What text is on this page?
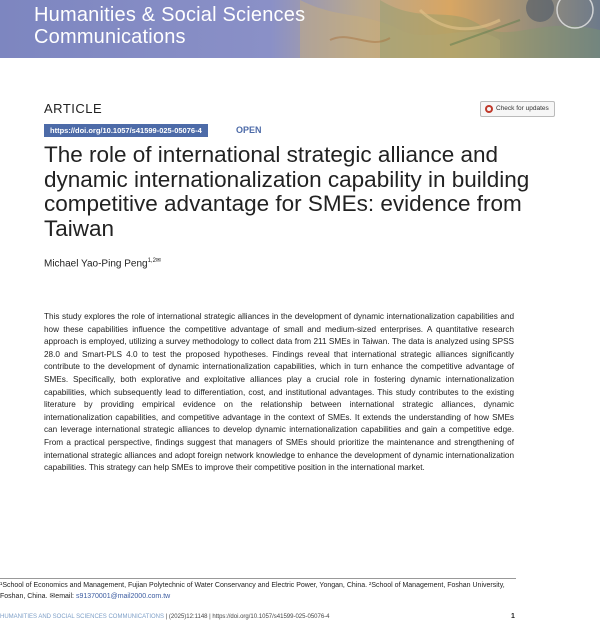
Humanities & Social Sciences
Communications
ARTICLE
https://doi.org/10.1057/s41599-025-05076-4	OPEN
Check for updates
The role of international strategic alliance and dynamic internationalization capability in building competitive advantage for SMEs: evidence from Taiwan
Michael Yao-Ping Peng$^{1,2✉}$

This study explores the role of international strategic alliances in the development of dynamic internationalization capabilities and how these capabilities influence the competitive advantage of small and medium-sized enterprises. A quantitative research approach is employed, utilizing a survey methodology to collect data from 211 SMEs in Taiwan. The data is analyzed using SPSS 28.0 and Smart-PLS 4.0 to test the proposed hypotheses. Findings reveal that international strategic alliances significantly contribute to the development of dynamic internationalization capabilities, which in turn enhance the competitive advantage of SMEs. Specifically, both explorative and exploitative alliances play a crucial role in fostering dynamic internationalization capabilities, which subsequently lead to differentiation, cost, and institutional advantages. This study contributes to the existing literature by providing empirical evidence on the relationship between international strategic alliances, dynamic internationalization capabilities, and competitive advantage in the context of SMEs. It extends the understanding of how SMEs can leverage international strategic alliances to develop dynamic internationalization capabilities and gain a competitive edge. From a practical perspective, findings suggest that managers of SMEs should prioritize the maintenance and strengthening of international strategic alliances and adopt foreign network knowledge to enhance the development of dynamic internationalization capabilities. This strategy can help SMEs to improve their competitive position in the international market.

¹School of Economics and Management, Fujian Polytechnic of Water Conservancy and Electric Power, Yongan, China. ²School of Management, Foshan University, Foshan, China. ✉email: s91370001@mail2000.com.tw

HUMANITIES AND SOCIAL SCIENCES COMMUNICATIONS | (2025)12:1148 | https://doi.org/10.1057/s41599-025-05076-4	1
